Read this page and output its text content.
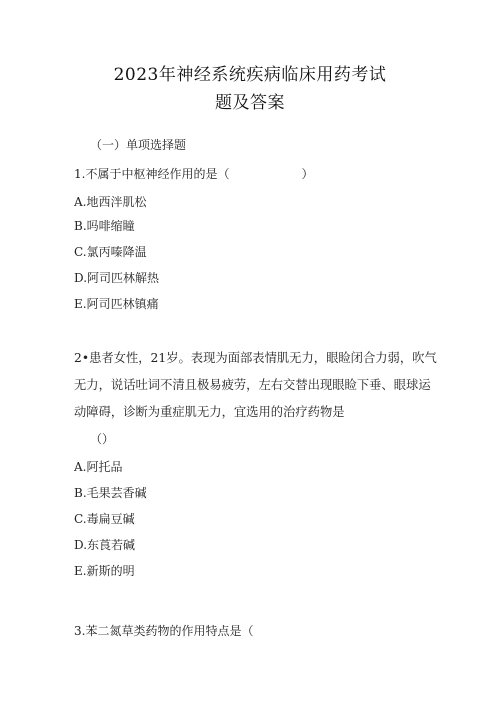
2023年神经系统疾病临床用药考试
题及答案
（一）单项选择题
1.不属于中枢神经作用的是（　　　　　　）
A.地西泮肌松
B.吗啡缩瞳
C.氯丙嗪降温
D.阿司匹林解热
E.阿司匹林镇痛
2•患者女性，21岁。表现为面部表情肌无力，眼睑闭合力弱，吹气
无力，说话吐词不清且极易疲劳，左右交替出现眼睑下垂、眼球运
动障碍，诊断为重症肌无力，宜选用的治疗药物是
（）
A.阿托品
B.毛果芸香碱
C.毒扁豆碱
D.东莨若碱
E.新斯的明
3.苯二氮草类药物的作用特点是（
